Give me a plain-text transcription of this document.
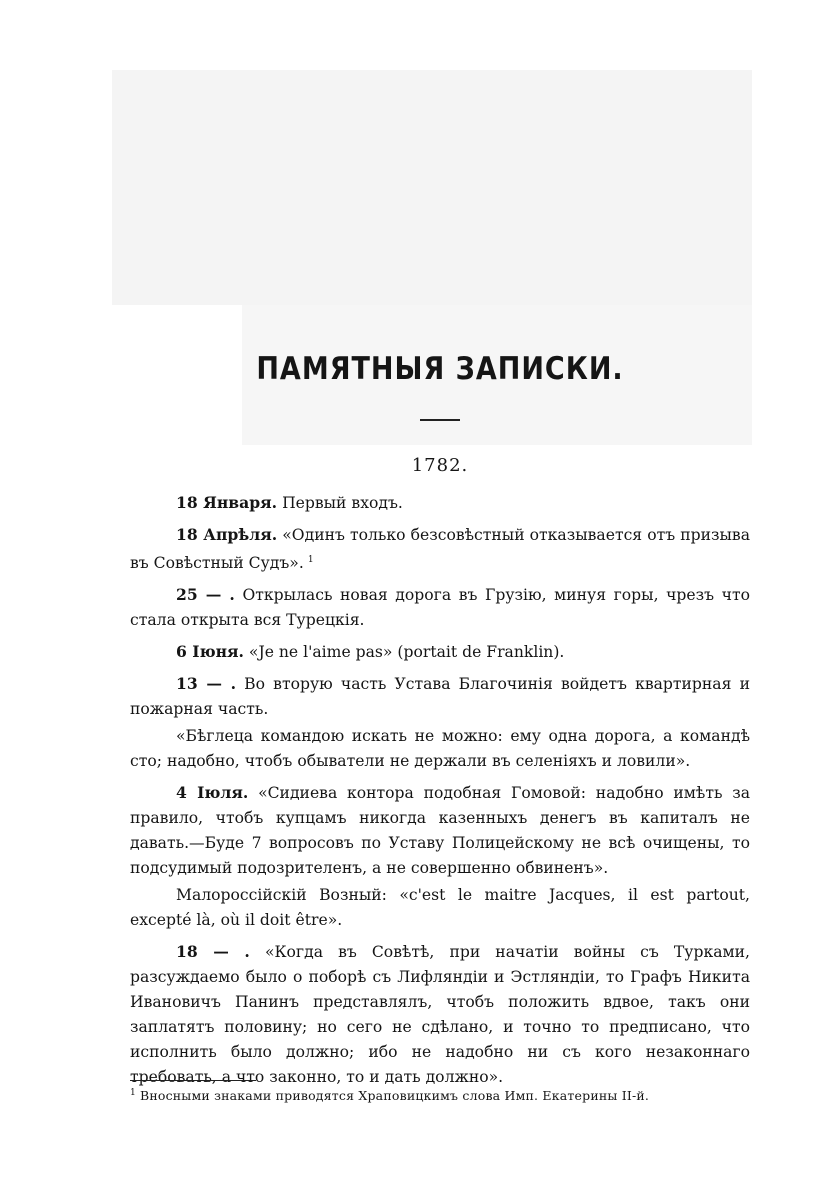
ПАМЯТНЫЯ ЗАПИСКИ.
1782.

18 Января. Первый входъ.

18 Апрѣля. «Одинъ только безсовѣстный отказывается отъ призыва въ Совѣстный Судъ». $^1$

25 — . Открылась новая дорога въ Грузію, минуя горы, чрезъ что стала открыта вся Турецкія.

6 Іюня. «Je ne l'aime pas» (portait de Franklin).

13 — . Во вторую часть Устава Благочинія войдетъ квартирная и пожарная часть.

«Бѣглеца командою искать не можно: ему одна дорога, а командѣ сто; надобно, чтобъ обыватели не держали въ селеніяхъ и ловили».

4 Іюля. «Сидиева контора подобная Гомовой: надобно имѣть за правило, чтобъ купцамъ никогда казенныхъ денегъ въ капиталъ не давать.—Буде 7 вопросовъ по Уставу Полицейскому не всѣ очищены, то подсудимый подозрителенъ, а не совершенно обвиненъ».

Малороссійскій Возный: «c'est le maitre Jacques, il est partout, excepté là, où il doit être».

18 — . «Когда въ Совѣтѣ, при начатіи войны съ Турками, разсуждаемо было о поборѣ съ Лифляндіи и Эстляндіи, то Графъ Никита Ивановичъ Панинъ представлялъ, чтобъ положить вдвое, такъ они заплатятъ половину; но сего не сдѣлано, и точно то предписано, что исполнить было должно; ибо не надобно ни съ кого незаконнаго требовать, а что законно, то и дать должно».

$^1$ Вносными знаками приводятся Храповицкимъ слова Имп. Екатерины II-й.
